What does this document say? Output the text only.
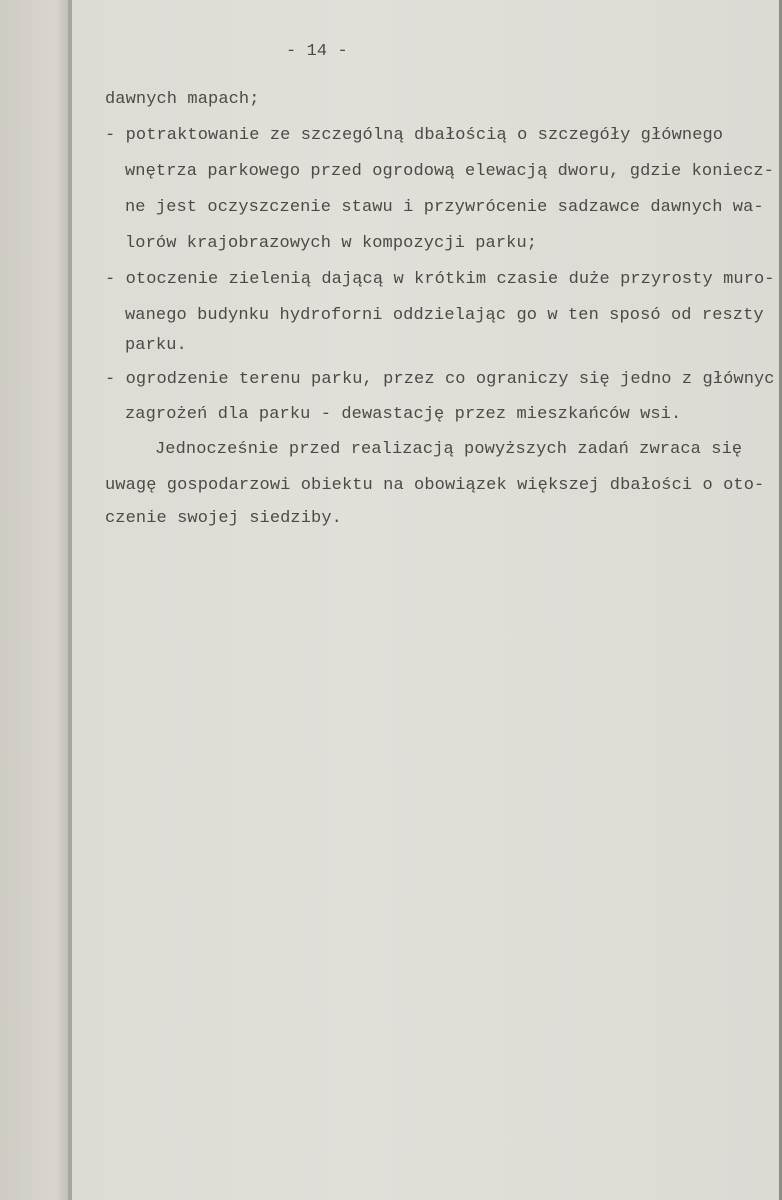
- 14 -
dawnych mapach;
- potraktowanie ze szczególną dbałością o szczegóły głównego
wnętrza parkowego przed ogrodową elewacją dworu, gdzie koniecz-
ne jest oczyszczenie stawu i przywrócenie sadzawce dawnych wa-
lorów krajobrazowych w kompozycji parku;
- otoczenie zielenią dającą w krótkim czasie duże przyrosty muro-
wanego budynku hydroforni oddzielając go w ten sposó od reszty
parku.
- ogrodzenie terenu parku, przez co ograniczy się jedno z głównyc
zagrożeń dla parku - dewastację przez mieszkańców wsi.
Jednocześnie przed realizacją powyższych zadań zwraca się
uwagę gospodarzowi obiektu na obowiązek większej dbałości o oto-
czenie swojej siedziby.
